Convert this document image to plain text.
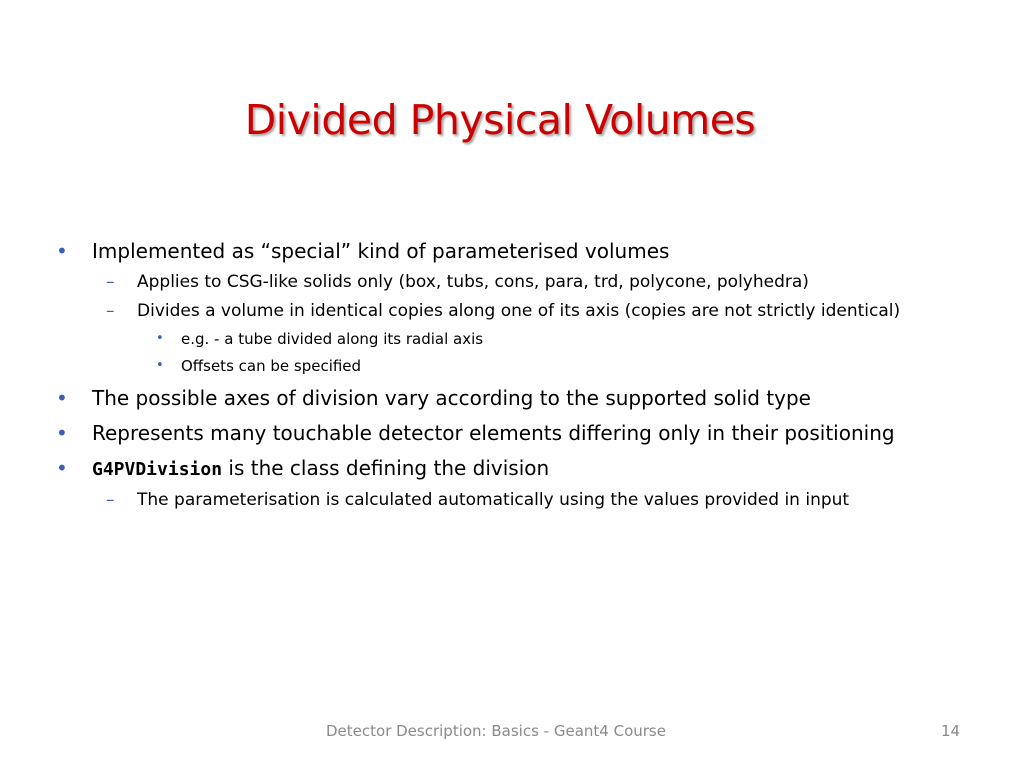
Divided Physical Volumes
• Implemented as “special” kind of parameterised volumes
– Applies to CSG-like solids only (box, tubs, cons, para, trd, polycone, polyhedra)
– Divides a volume in identical copies along one of its axis (copies are not strictly identical)
• e.g. - a tube divided along its radial axis
• Offsets can be specified
• The possible axes of division vary according to the supported solid type
• Represents many touchable detector elements differing only in their positioning
• G4PVDivision is the class defining the division
– The parameterisation is calculated automatically using the values provided in input
Detector Description: Basics - Geant4 Course	14
